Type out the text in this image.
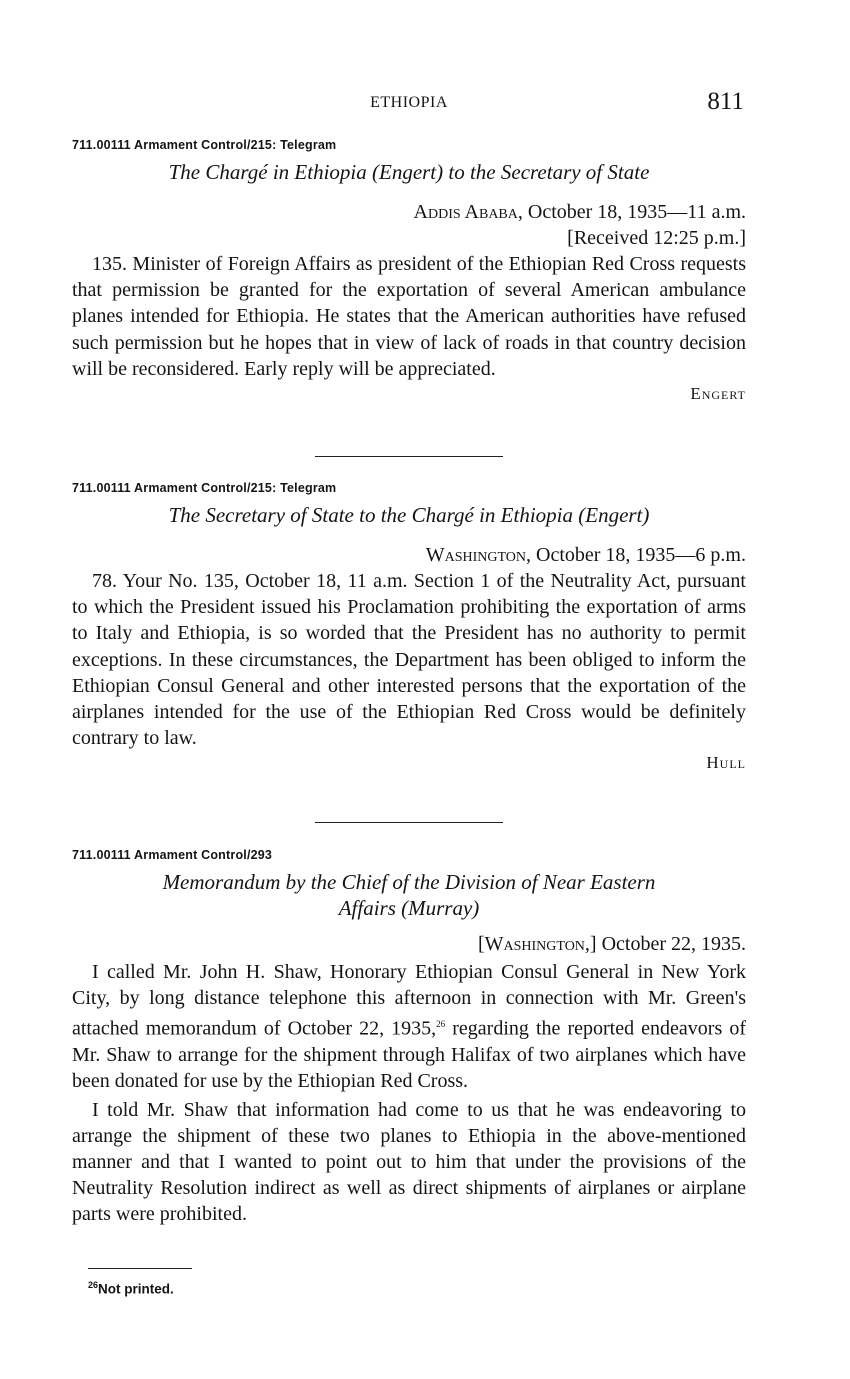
ETHIOPIA	811

711.00111 Armament Control/215: Telegram

The Chargé in Ethiopia (Engert) to the Secretary of State

Addis Ababa, October 18, 1935—11 a.m.

[Received 12:25 p.m.]

135. Minister of Foreign Affairs as president of the Ethiopian Red Cross requests that permission be granted for the exportation of several American ambulance planes intended for Ethiopia. He states that the American authorities have refused such permission but he hopes that in view of lack of roads in that country decision will be reconsidered. Early reply will be appreciated.

Engert

711.00111 Armament Control/215: Telegram

The Secretary of State to the Chargé in Ethiopia (Engert)

Washington, October 18, 1935—6 p.m.

78. Your No. 135, October 18, 11 a.m. Section 1 of the Neutrality Act, pursuant to which the President issued his Proclamation prohibiting the exportation of arms to Italy and Ethiopia, is so worded that the President has no authority to permit exceptions. In these circumstances, the Department has been obliged to inform the Ethiopian Consul General and other interested persons that the exportation of the airplanes intended for the use of the Ethiopian Red Cross would be definitely contrary to law.

Hull

711.00111 Armament Control/293

Memorandum by the Chief of the Division of Near Eastern

Affairs (Murray)

[Washington,] October 22, 1935.

I called Mr. John H. Shaw, Honorary Ethiopian Consul General in New York City, by long distance telephone this afternoon in connection with Mr. Green's attached memorandum of October 22, 1935,26 regarding the reported endeavors of Mr. Shaw to arrange for the shipment through Halifax of two airplanes which have been donated for use by the Ethiopian Red Cross.

I told Mr. Shaw that information had come to us that he was endeavoring to arrange the shipment of these two planes to Ethiopia in the above-mentioned manner and that I wanted to point out to him that under the provisions of the Neutrality Resolution indirect as well as direct shipments of airplanes or airplane parts were prohibited.

$^{26}$Not printed.
